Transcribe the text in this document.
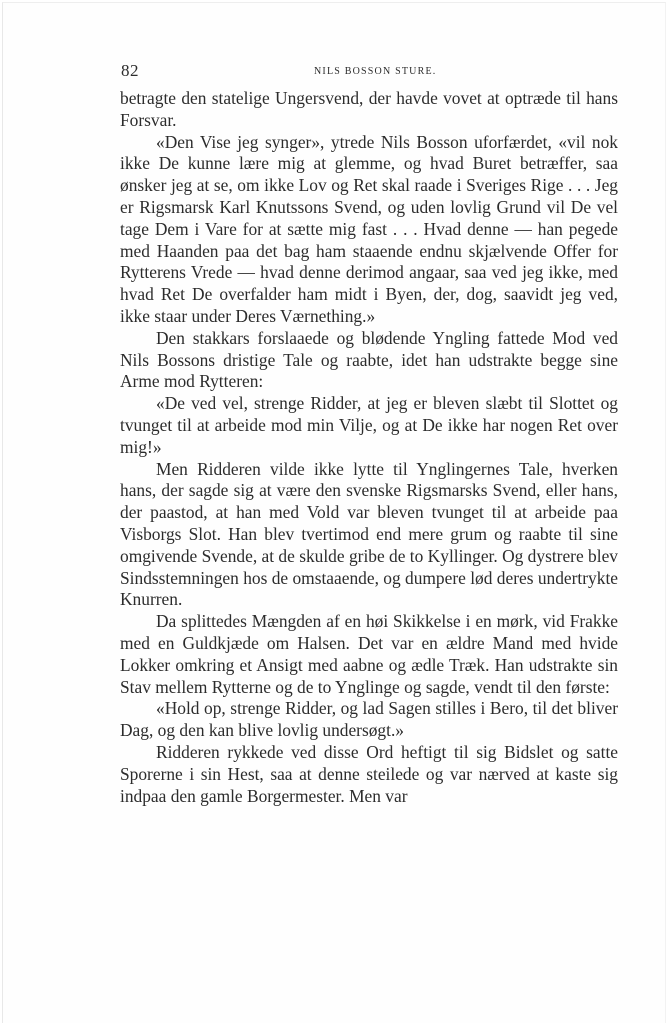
82	NILS BOSSON STURE.

betragte den statelige Ungersvend, der havde vovet at optræde til hans Forsvar.

«Den Vise jeg synger», ytrede Nils Bosson uforfærdet, «vil nok ikke De kunne lære mig at glemme, og hvad Buret betræffer, saa ønsker jeg at se, om ikke Lov og Ret skal raade i Sveriges Rige . . . Jeg er Rigsmarsk Karl Knutssons Svend, og uden lovlig Grund vil De vel tage Dem i Vare for at sætte mig fast . . . Hvad denne — han pegede med Haanden paa det bag ham staaende endnu skjælvende Offer for Rytterens Vrede — hvad denne derimod angaar, saa ved jeg ikke, med hvad Ret De overfalder ham midt i Byen, der, dog, saavidt jeg ved, ikke staar under Deres Værnething.»

Den stakkars forslaaede og blødende Yngling fattede Mod ved Nils Bossons dristige Tale og raabte, idet han udstrakte begge sine Arme mod Rytteren:

«De ved vel, strenge Ridder, at jeg er bleven slæbt til Slottet og tvunget til at arbeide mod min Vilje, og at De ikke har nogen Ret over mig!»

Men Ridderen vilde ikke lytte til Ynglingernes Tale, hverken hans, der sagde sig at være den svenske Rigsmarsks Svend, eller hans, der paastod, at han med Vold var bleven tvunget til at arbeide paa Visborgs Slot. Han blev tvertimod end mere grum og raabte til sine omgivende Svende, at de skulde gribe de to Kyllinger. Og dystrere blev Sindsstemningen hos de omstaaende, og dumpere lød deres undertrykte Knurren.

Da splittedes Mængden af en høi Skikkelse i en mørk, vid Frakke med en Guldkjæde om Halsen. Det var en ældre Mand med hvide Lokker omkring et Ansigt med aabne og ædle Træk. Han udstrakte sin Stav mellem Rytterne og de to Ynglinge og sagde, vendt til den første:

«Hold op, strenge Ridder, og lad Sagen stilles i Bero, til det bliver Dag, og den kan blive lovlig undersøgt.»

Ridderen rykkede ved disse Ord heftigt til sig Bidslet og satte Sporerne i sin Hest, saa at denne steilede og var nærved at kaste sig indpaa den gamle Borgermester. Men var
